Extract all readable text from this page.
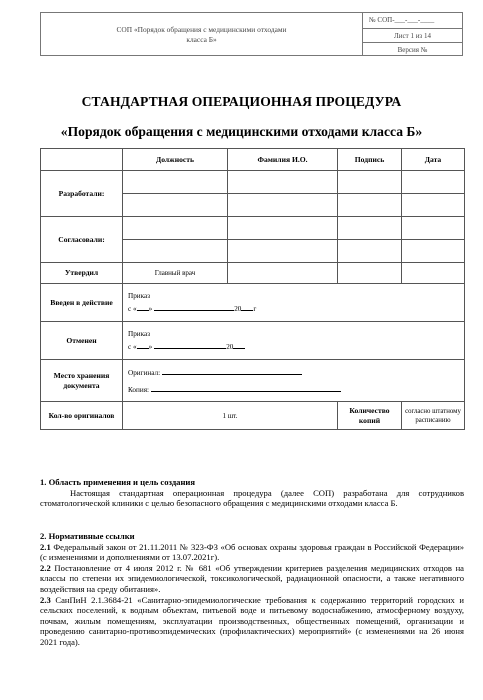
СОП «Порядок обращения с медицинскими отходами класса Б»
№ СОП-___-___-____
Лист 1 из 14
Версия №
СТАНДАРТНАЯ ОПЕРАЦИОННАЯ ПРОЦЕДУРА
«Порядок обращения с медицинскими отходами класса Б»
	Должность	Фамилия И.О.	Подпись	Дата
Разработали:				

Согласовали:				

Утвердил	Главный врач			
Введен в действие	Приказ
с « » 20 г			

Отменен	Приказ
с « » 20			

Место хранения документа	Оригинал:
Копия:			

Кол-во оригиналов	1 шт.		Количество копий	согласно штатному расписанию
1. Область применения и цель создания
Настоящая стандартная операционная процедура (далее СОП) разработана для сотрудников стоматологической клиники с целью безопасного обращения с медицинскими отходами класса Б.
2. Нормативные ссылки
2.1 Федеральный закон от 21.11.2011 № 323-ФЗ «Об основах охраны здоровья граждан в Российской Федерации» (с изменениями и дополнениями от 13.07.2021г).
2.2 Постановление от 4 июля 2012 г. № 681 «Об утверждении критериев разделения медицинских отходов на классы по степени их эпидемиологической, токсикологической, радиационной опасности, а также негативного воздействия на среду обитания».
2.3 СанПиН 2.1.3684-21 «Санитарно-эпидемиологические требования к содержанию территорий городских и сельских поселений, к водным объектам, питьевой воде и питьевому водоснабжению, атмосферному воздуху, почвам, жилым помещениям, эксплуатации производственных, общественных помещений, организации и проведению санитарно-противоэпидемических (профилактических) мероприятий» (с изменениями на 26 июня 2021 года).
